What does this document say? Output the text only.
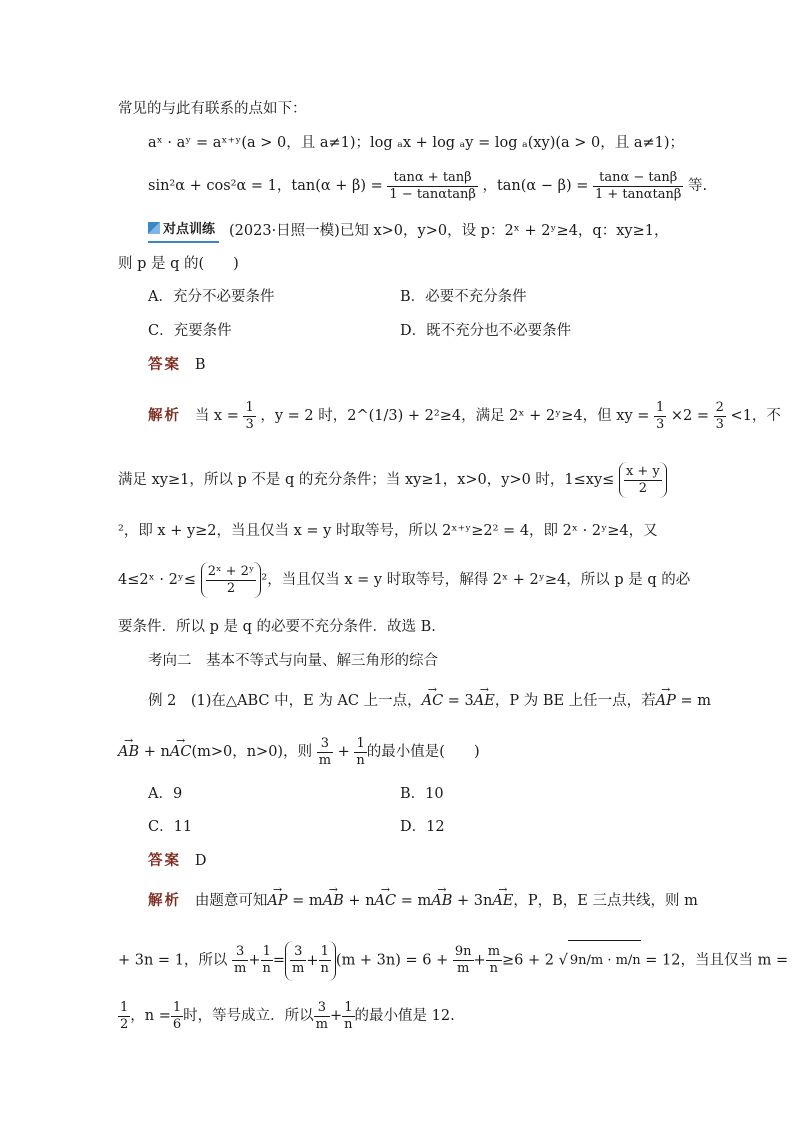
常见的与此有联系的点如下：
aˣ · aʸ = aˣ⁺ʸ(a > 0，且 a≠1)；log ₐx + log ₐy = log ₐ(xy)(a > 0，且 a≠1)；
sin²α + cos²α = 1，$\tan(\alpha + \beta) = \frac{\tan\alpha + \tan\beta}{1 - \tan\alpha\tan\beta}$ ，$\tan(\alpha - \beta) = \frac{\tan\alpha - \tan\beta}{1 + \tan\alpha\tan\beta}$ 等.
对点训练 (2023·日照一模)已知 x>0，y>0，设 p：2ˣ + 2ʸ≥4，q：xy≥1，
则 p 是 q 的(　　)
A．充分不必要条件	B．必要不充分条件
C．充要条件	D．既不充分也不必要条件
答案 B
解析 当 $x = \frac{1}{3}$ ，y = 2 时，2^(1/3) + 2²≥4，满足 2ˣ + 2ʸ≥4，但 xy = $\frac{1}{3} \times 2 = \frac{2}{3} <1$，不
满足 xy≥1，所以 p 不是 q 的充分条件；当 xy≥1，x>0，y>0 时，$1\le xy\le \frac{x + y}{2}$
²，即 x + y≥2，当且仅当 x = y 时取等号，所以 2ˣ⁺ʸ≥2² = 4，即 2ˣ · 2ʸ≥4，又
4≤2ˣ · 2ʸ≤ $\frac{\text{2ˣ + 2ʸ}}{2} ^2$，当且仅当 x = y 时取等号，解得 2ˣ + 2ʸ≥4，所以 p 是 q 的必
要条件．所以 p 是 q 的必要不充分条件．故选 B.
考向二　基本不等式与向量、解三角形的综合
例 2　(1)在△ABC 中，E 为 AC 上一点，→ AC = 3→ AE，P 为 BE 上任一点，若→ AP = m
→ AB + n→ AC(m>0，n>0)，则 $\frac{3}{m} + \frac{1}{n}$ 的最小值是(　　)
A．9	B．10
C．11	D．12
答案 D
解析 由题意可知→ AP = m→ AB + n→ AC = m→ AB + 3n→ AE，P，B，E 三点共线，则 m
+ 3n = 1，所以 $\frac{3}{m} + \frac{1}{n} = \frac{3}{m} + \frac{1}{n} (m + 3n) = 6 + \frac{9n}{m} + \frac{m}{n} \ge 6 + 2$ √ 9n/m · m/n = 12，当且仅当 m =
$\frac{1}{2}$ ，$n = \frac{1}{6}$ 时，等号成立．所以 $\frac{3}{m} + \frac{1}{n}$ 的最小值是 12.
